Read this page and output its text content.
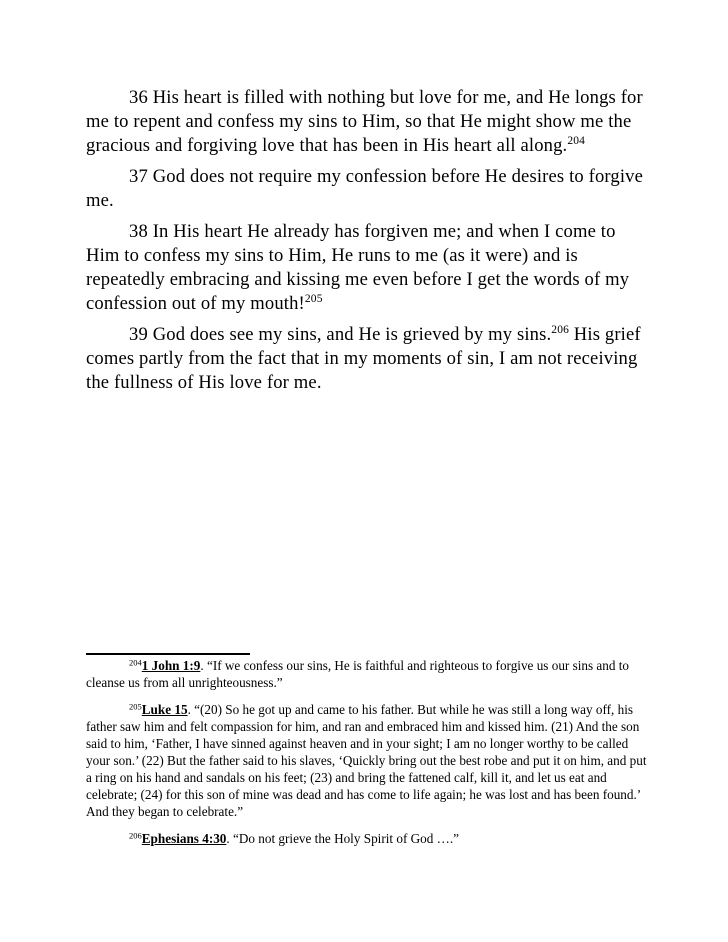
36 His heart is filled with nothing but love for me, and He longs for me to repent and confess my sins to Him, so that He might show me the gracious and forgiving love that has been in His heart all along.$^{204}$

37 God does not require my confession before He desires to forgive me.

38 In His heart He already has forgiven me; and when I come to Him to confess my sins to Him, He runs to me (as it were) and is repeatedly embracing and kissing me even before I get the words of my confession out of my mouth!$^{205}$

39 God does see my sins, and He is grieved by my sins.$^{206}$ His grief comes partly from the fact that in my moments of sin, I am not receiving the fullness of His love for me.

$^{204}$1 John 1:9. “If we confess our sins, He is faithful and righteous to forgive us our sins and to cleanse us from all unrighteousness.”

$^{205}$Luke 15. “(20) So he got up and came to his father. But while he was still a long way off, his father saw him and felt compassion for him, and ran and embraced him and kissed him. (21) And the son said to him, ‘Father, I have sinned against heaven and in your sight; I am no longer worthy to be called your son.’ (22) But the father said to his slaves, ‘Quickly bring out the best robe and put it on him, and put a ring on his hand and sandals on his feet; (23) and bring the fattened calf, kill it, and let us eat and celebrate; (24) for this son of mine was dead and has come to life again; he was lost and has been found.’ And they began to celebrate.”

$^{206}$Ephesians 4:30. “Do not grieve the Holy Spirit of God ….”
